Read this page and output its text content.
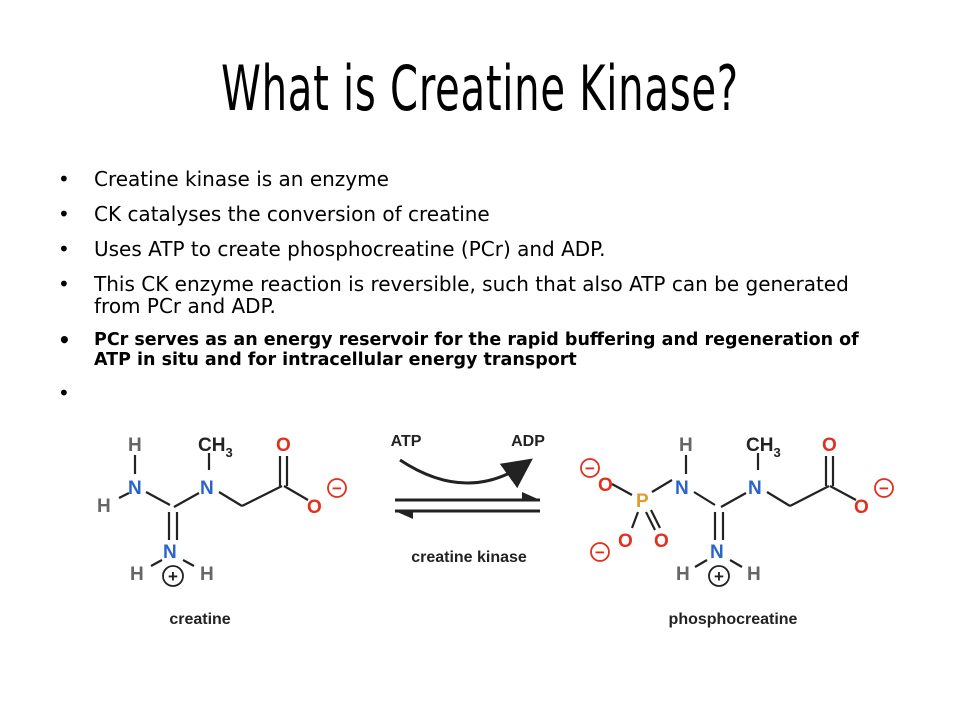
What is Creatine Kinase?
• Creatine kinase is an enzyme
• CK catalyses the conversion of creatine
• Uses ATP to create phosphocreatine (PCr) and ADP.
• This CK enzyme reaction is reversible, such that also ATP can be generated from PCr and ADP.
• PCr serves as an energy reservoir for the rapid buffering and regeneration of ATP in situ and for intracellular energy transport
•
H
N
H
N
$CH_3$ O
O
−
N
H	H
+
creatine
ATP	ADP
creatine kinase
−
O
P
N
H
N
$CH_3$ O
O
−
O
−
O
N
H	H
+
phosphocreatine
